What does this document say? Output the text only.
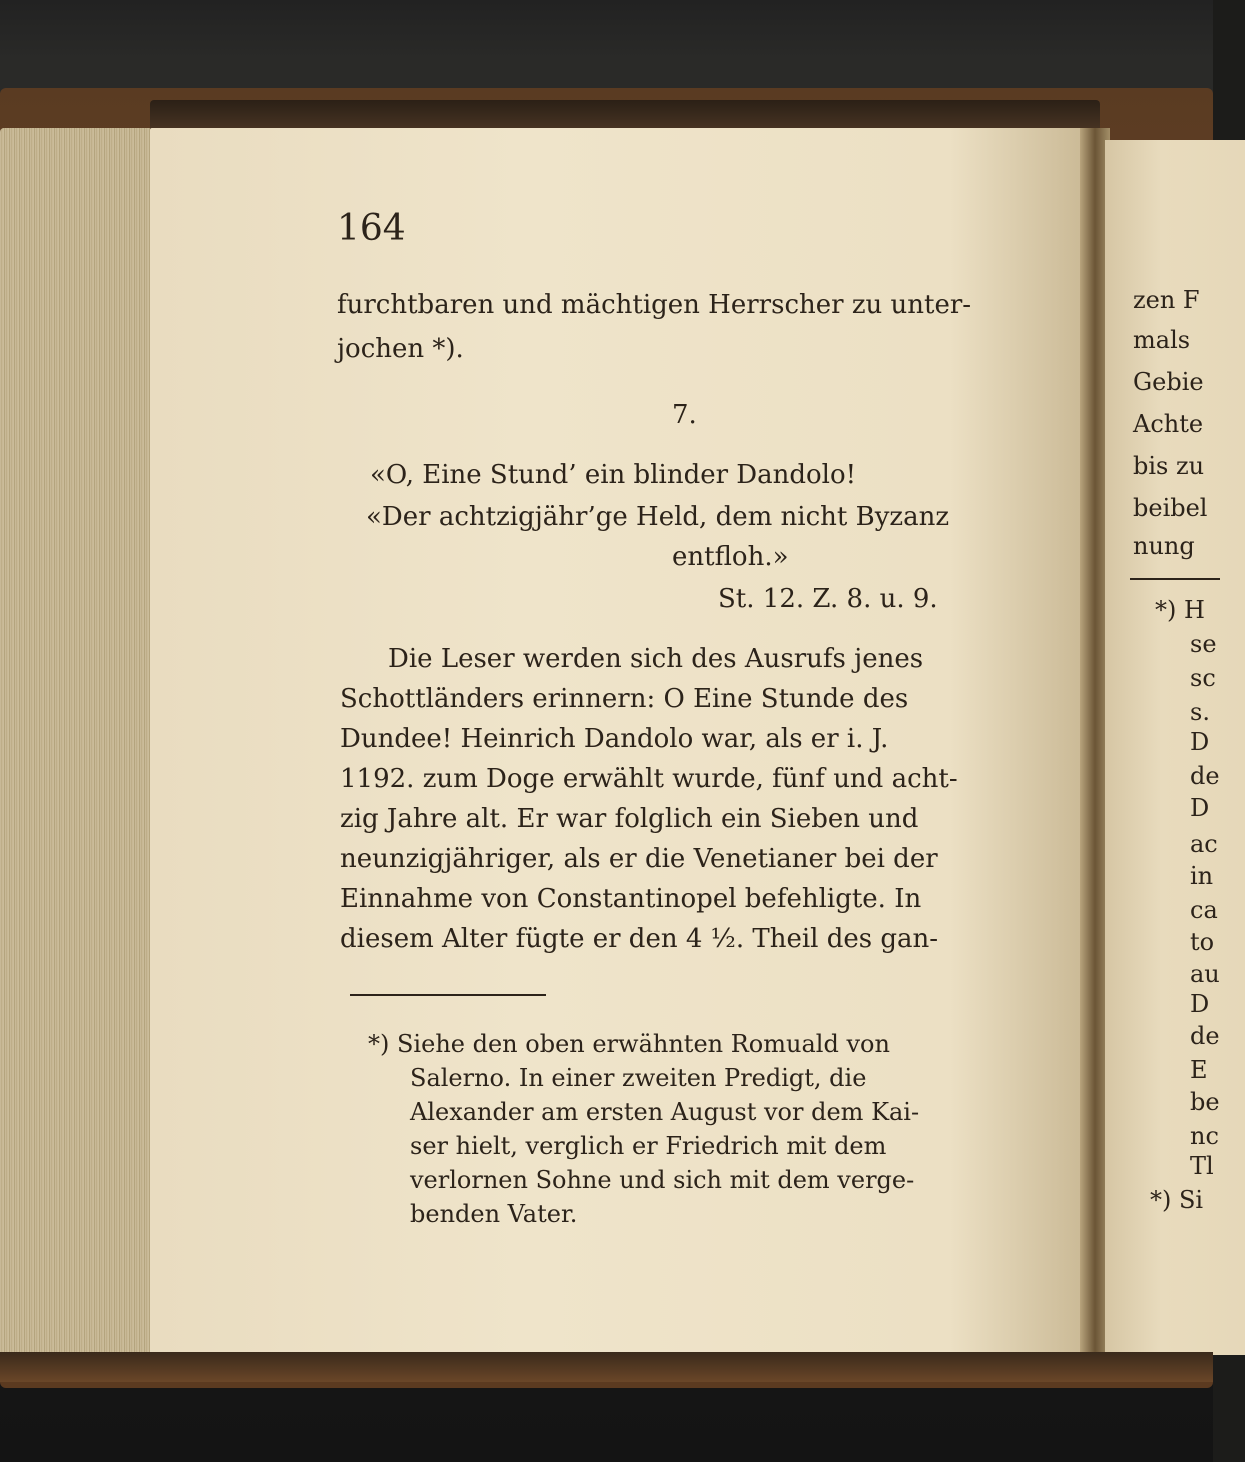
164
furchtbaren und mächtigen Herrscher zu unter-
jochen *).
7.
«O, Eine Stund’ ein blinder Dandolo!
«Der achtzigjähr’ge Held, dem nicht Byzanz
entfloh.»
St. 12. Z. 8. u. 9.
Die Leser werden sich des Ausrufs jenes
Schottländers erinnern: O Eine Stunde des
Dundee! Heinrich Dandolo war, als er i. J.
1192. zum Doge erwählt wurde, fünf und acht-
zig Jahre alt. Er war folglich ein Sieben und
neunzigjähriger, als er die Venetianer bei der
Einnahme von Constantinopel befehligte. In
diesem Alter fügte er den 4 ½. Theil des gan-
*) Siehe den oben erwähnten Romuald von
Salerno. In einer zweiten Predigt, die
Alexander am ersten August vor dem Kai-
ser hielt, verglich er Friedrich mit dem
verlornen Sohne und sich mit dem verge-
benden Vater.
zen F
mals
Gebie
Achte
bis zu
beibel
nung
*) H
se
sc
s.
D
de
D
ac
in
ca
to
au
D
de
E
be
nc
Tl
*) Si
